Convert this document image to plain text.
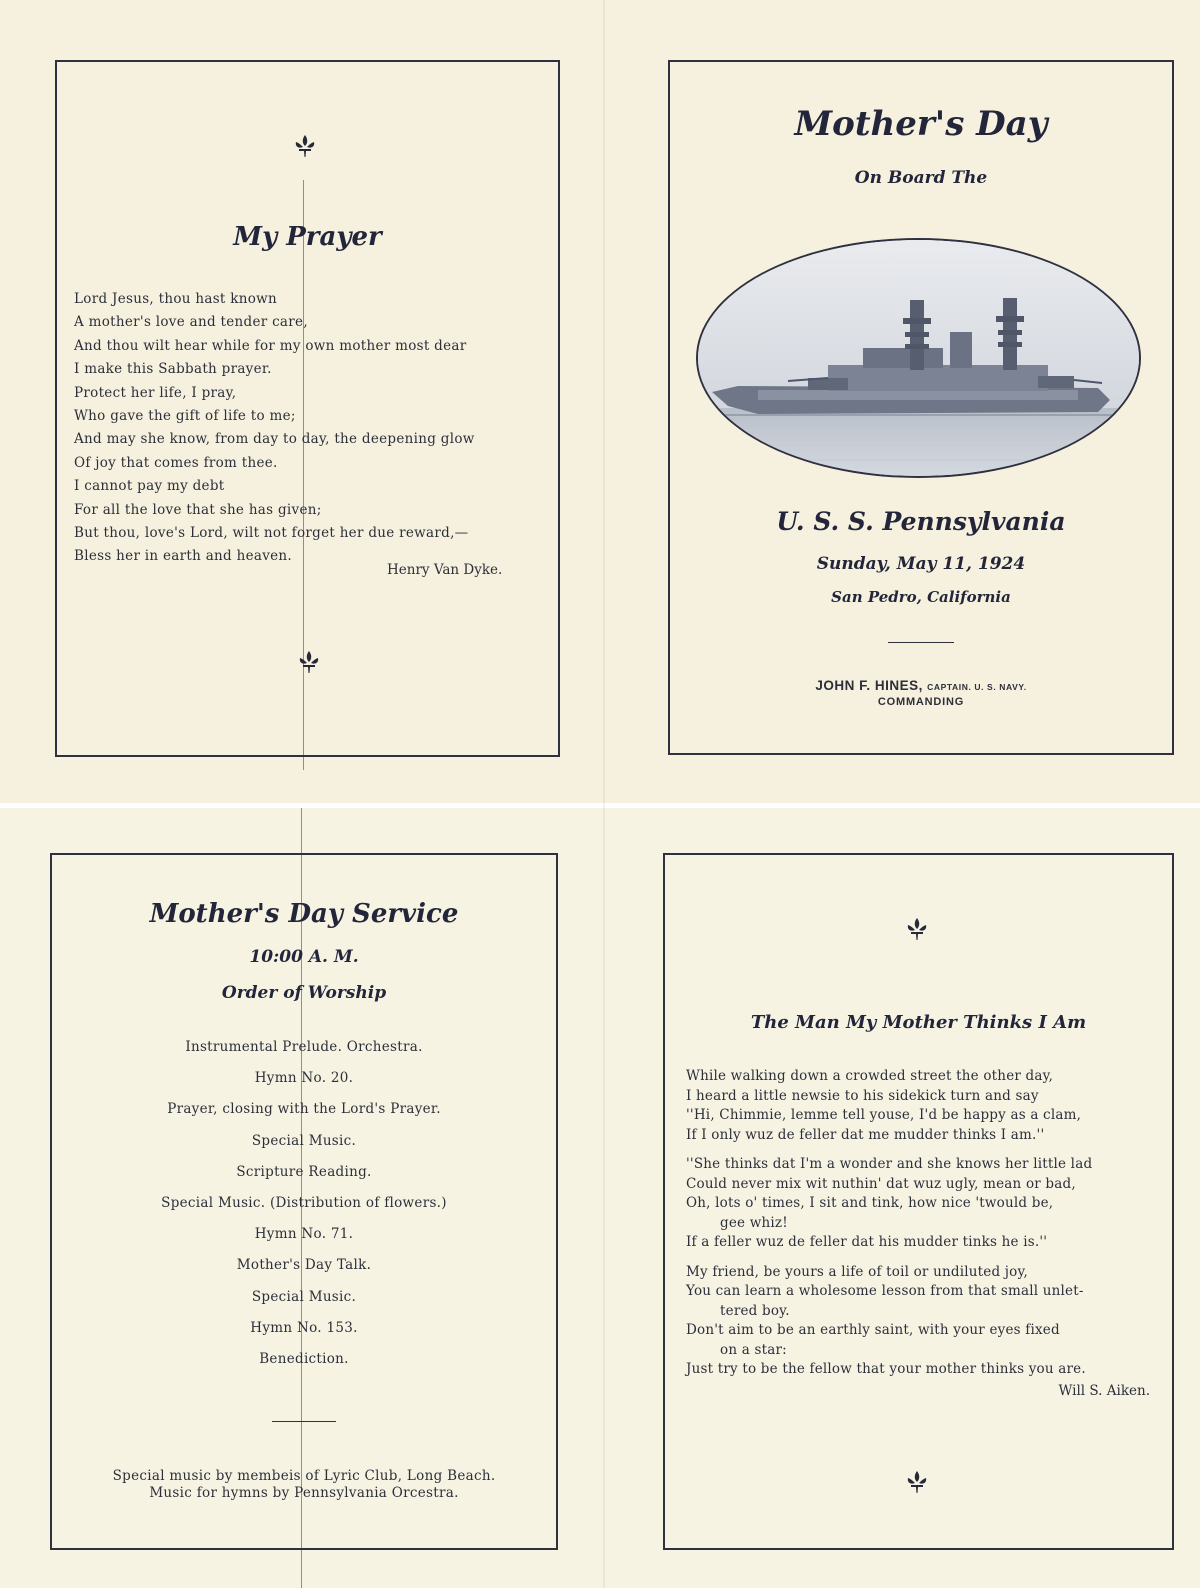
My Prayer
Lord Jesus, thou hast known
A mother's love and tender care,
And thou wilt hear while for my own mother most dear
I make this Sabbath prayer.
Protect her life, I pray,
Who gave the gift of life to me;
And may she know, from day to day, the deepening glow
Of joy that comes from thee.
I cannot pay my debt
For all the love that she has given;
But thou, love's Lord, wilt not forget her due reward,—
Bless her in earth and heaven.
Henry Van Dyke.
Mother's Day
On Board The
U. S. S. Pennsylvania
Sunday, May 11, 1924
San Pedro, California
JOHN F. HINES, CAPTAIN. U. S. NAVY.
COMMANDING
Mother's Day Service
10:00 A. M.
Order of Worship
Instrumental Prelude. Orchestra.
Hymn No. 20.
Prayer, closing with the Lord's Prayer.
Special Music.
Scripture Reading.
Special Music. (Distribution of flowers.)
Hymn No. 71.
Mother's Day Talk.
Special Music.
Hymn No. 153.
Benediction.
Special music by membeis of Lyric Club, Long Beach.
Music for hymns by Pennsylvania Orcestra.
The Man My Mother Thinks I Am
While walking down a crowded street the other day,
I heard a little newsie to his sidekick turn and say
''Hi, Chimmie, lemme tell youse, I'd be happy as a clam,
If I only wuz de feller dat me mudder thinks I am.''
''She thinks dat I'm a wonder and she knows her little lad
Could never mix wit nuthin' dat wuz ugly, mean or bad,
Oh, lots o' times, I sit and tink, how nice 'twould be,
gee whiz!
If a feller wuz de feller dat his mudder tinks he is.''
My friend, be yours a life of toil or undiluted joy,
You can learn a wholesome lesson from that small unlet-
tered boy.
Don't aim to be an earthly saint, with your eyes fixed
on a star:
Just try to be the fellow that your mother thinks you are.
Will S. Aiken.
